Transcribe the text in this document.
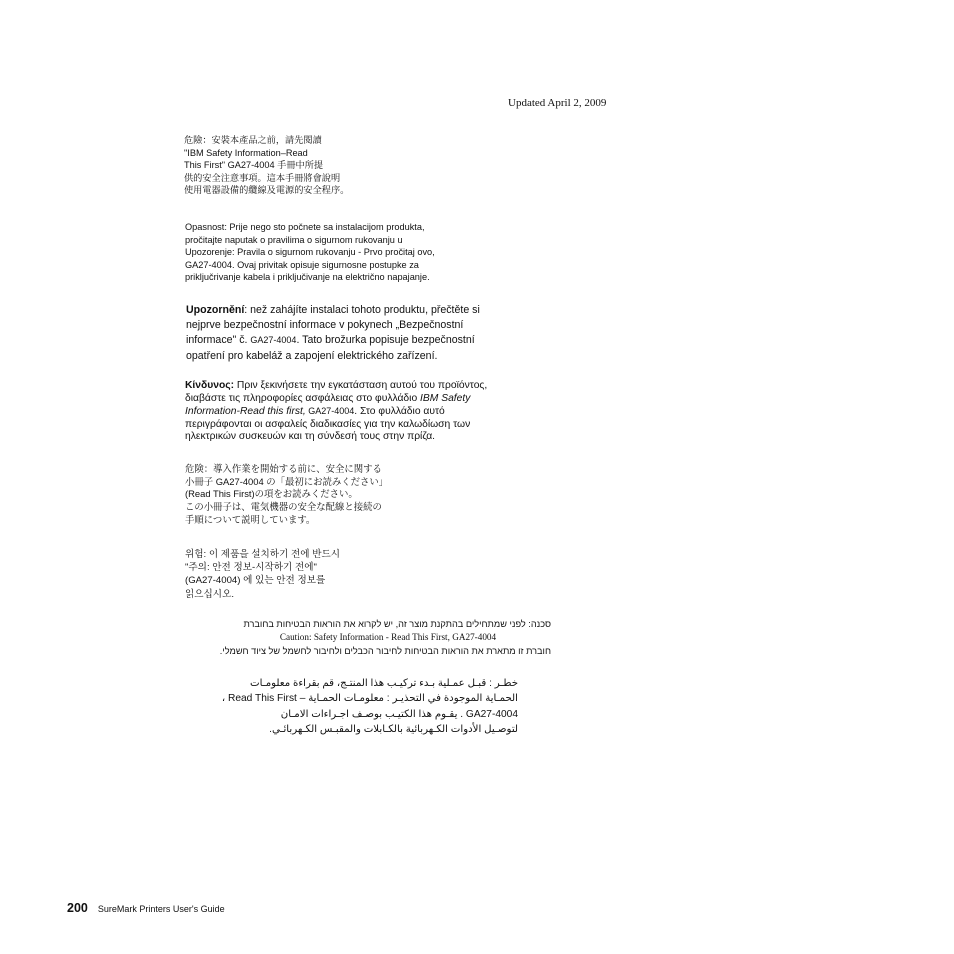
Updated April 2, 2009
危險：安裝本產品之前，請先閱讀
"IBM Safety Information–Read
This First" GA27-4004 手冊中所提
供的安全注意事項。這本手冊將會說明
使用電器設備的纜線及電源的安全程序。
Opasnost: Prije nego sto počnete sa instalacijom produkta,
pročitajte naputak o pravilima o sigurnom rukovanju u
Upozorenje: Pravila o sigurnom rukovanju - Prvo pročitaj ovo,
GA27-4004. Ovaj privitak opisuje sigurnosne postupke za
priključrivanje kabela i priključivanje na električno napajanje.
Upozornění: než zahájíte instalaci tohoto produktu, přečtěte si
nejprve bezpečnostní informace v pokynech „Bezpečnostní
informace" č. GA27-4004. Tato brožurka popisuje bezpečnostní
opatření pro kabeláž a zapojení elektrického zařízení.
Κίνδυνος: Πριν ξεκινήσετε την εγκατάσταση αυτού του προϊόντος,
διαβάστε τις πληροφορίες ασφάλειας στο φυλλάδιο IBM Safety
Information-Read this first, GA27-4004. Στο φυλλάδιο αυτό
περιγράφονται οι ασφαλείς διαδικασίες για την καλωδίωση των
ηλεκτρικών συσκευών και τη σύνδεσή τους στην πρίζα.
危険：導入作業を開始する前に、安全に関する
小冊子 GA27-4004 の「最初にお読みください」
(Read This First)の項をお読みください。
この小冊子は、電気機器の安全な配線と接続の
手順について説明しています。
위험: 이 제품을 설치하기 전에 반드시
"주의: 안전 정보-시작하기 전에"
(GA27-4004) 에 있는 안전 정보를
읽으십시오.
סכנה: לפני שמתחילים בהתקנת מוצר זה, יש לקרוא את הוראות הבטיחות בחוברת
Caution: Safety Information - Read This First, GA27-4004
חוברת זו מתארת את הוראות הבטיחות לחיבור הכבלים ולחיבור לחשמל של ציוד חשמלי.
خطـر : قبـل عمـلية بـدء تركيـب هذا المنتـج، قم بقراءة معلومـات
الحمـاية الموجودة في التحذيـر : معلومـات الحمـاية – Read This First ،
GA27-4004 . يقـوم هذا الكتيـب بوصـف اجـراءات الامـان
لتوصـيل الأدوات الكـهربائية بالكـابلات والمقبـس الكـهربائـي.
200 SureMark Printers User's Guide
